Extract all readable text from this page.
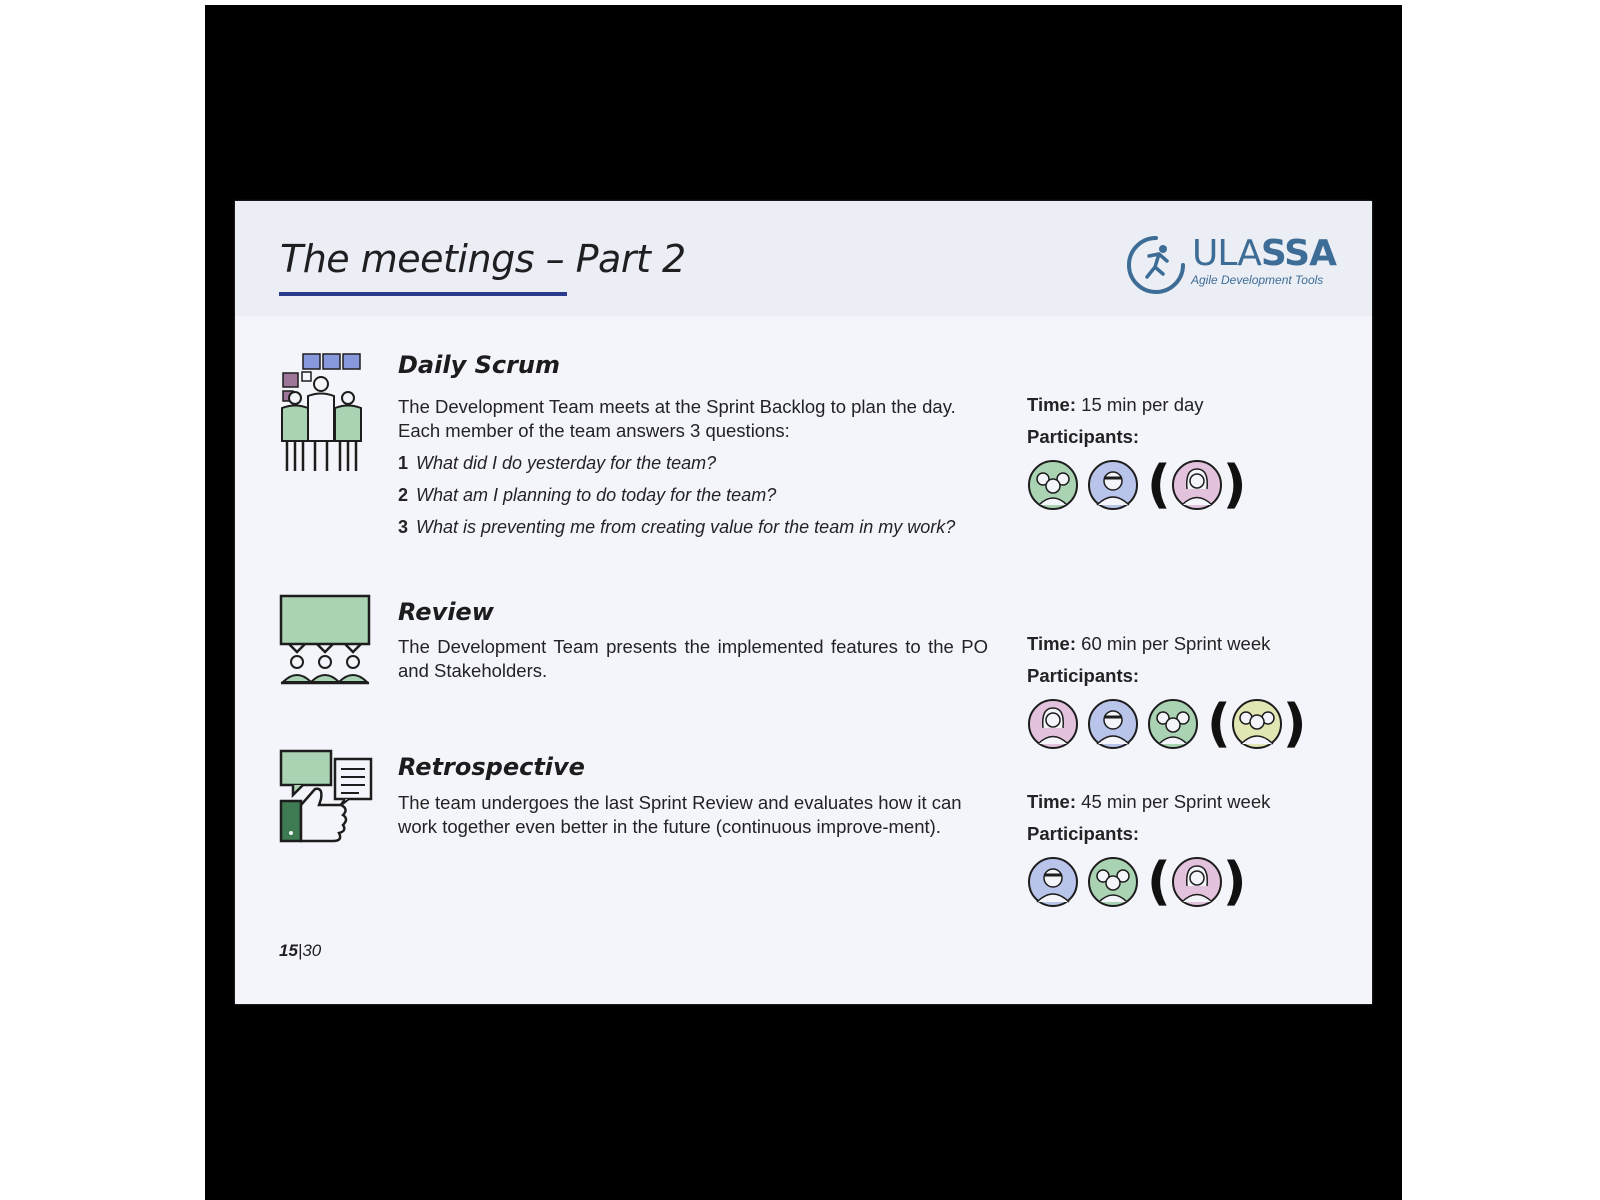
The meetings – Part 2	ULASSA
Agile Development Tools
Daily Scrum

The Development Team meets at the Sprint Backlog to plan the day. Each member of the team answers 3 questions:

1 What did I do yesterday for the team?
2 What am I planning to do today for the team?
3 What is preventing me from creating value for the team in my work?
Time: 15 min per day
Participants:
( )
Review

The Development Team presents the implemented features to the PO and Stakeholders.

Time: 60 min per Sprint week
Participants:
( )
Retrospective

The team undergoes the last Sprint Review and evaluates how it can work together even better in the future (continuous improve-ment).

Time: 45 min per Sprint week
Participants:
( )
15|30
